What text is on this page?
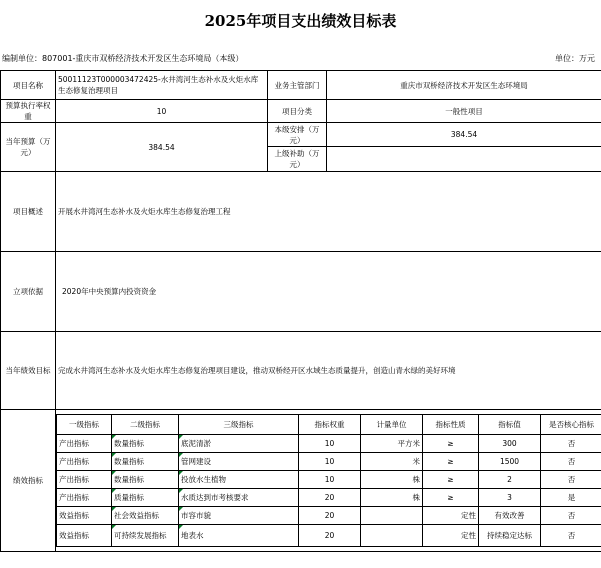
2025年项目支出绩效目标表
编制单位：807001-重庆市双桥经济技术开发区生态环境局（本级）	单位：万元
项目名称	50011123T000003472425-水井湾河生态补水及火炬水库生态修复治理项目	业务主管部门	重庆市双桥经济技术开发区生态环境局
预算执行率权重	10	项目分类	一般性项目
当年预算（万元）	384.54	本级安排（万元）	384.54
上级补助（万元）	
项目概述	开展水井湾河生态补水及火炬水库生态修复治理工程
立项依据	2020年中央预算内投资资金
当年绩效目标	完成水井湾河生态补水及火炬水库生态修复治理项目建设，推动双桥经开区水域生态质量提升，创造山青水绿的美好环境
绩效指标	
一级指标	二级指标	三级指标	指标权重	计量单位	指标性质	指标值	是否核心指标
产出指标	数量指标	底泥清淤	10	平方米	≥	300	否
产出指标	数量指标	管网建设	10	米	≥	1500	否
产出指标	数量指标	投放水生植物	10	株	≥	2	否
产出指标	质量指标	水质达到市考核要求	20	株	≥	3	是
效益指标	社会效益指标	市容市貌	20		定性	有效改善	否
效益指标	可持续发展指标	地表水	20		定性	持续稳定达标	否
